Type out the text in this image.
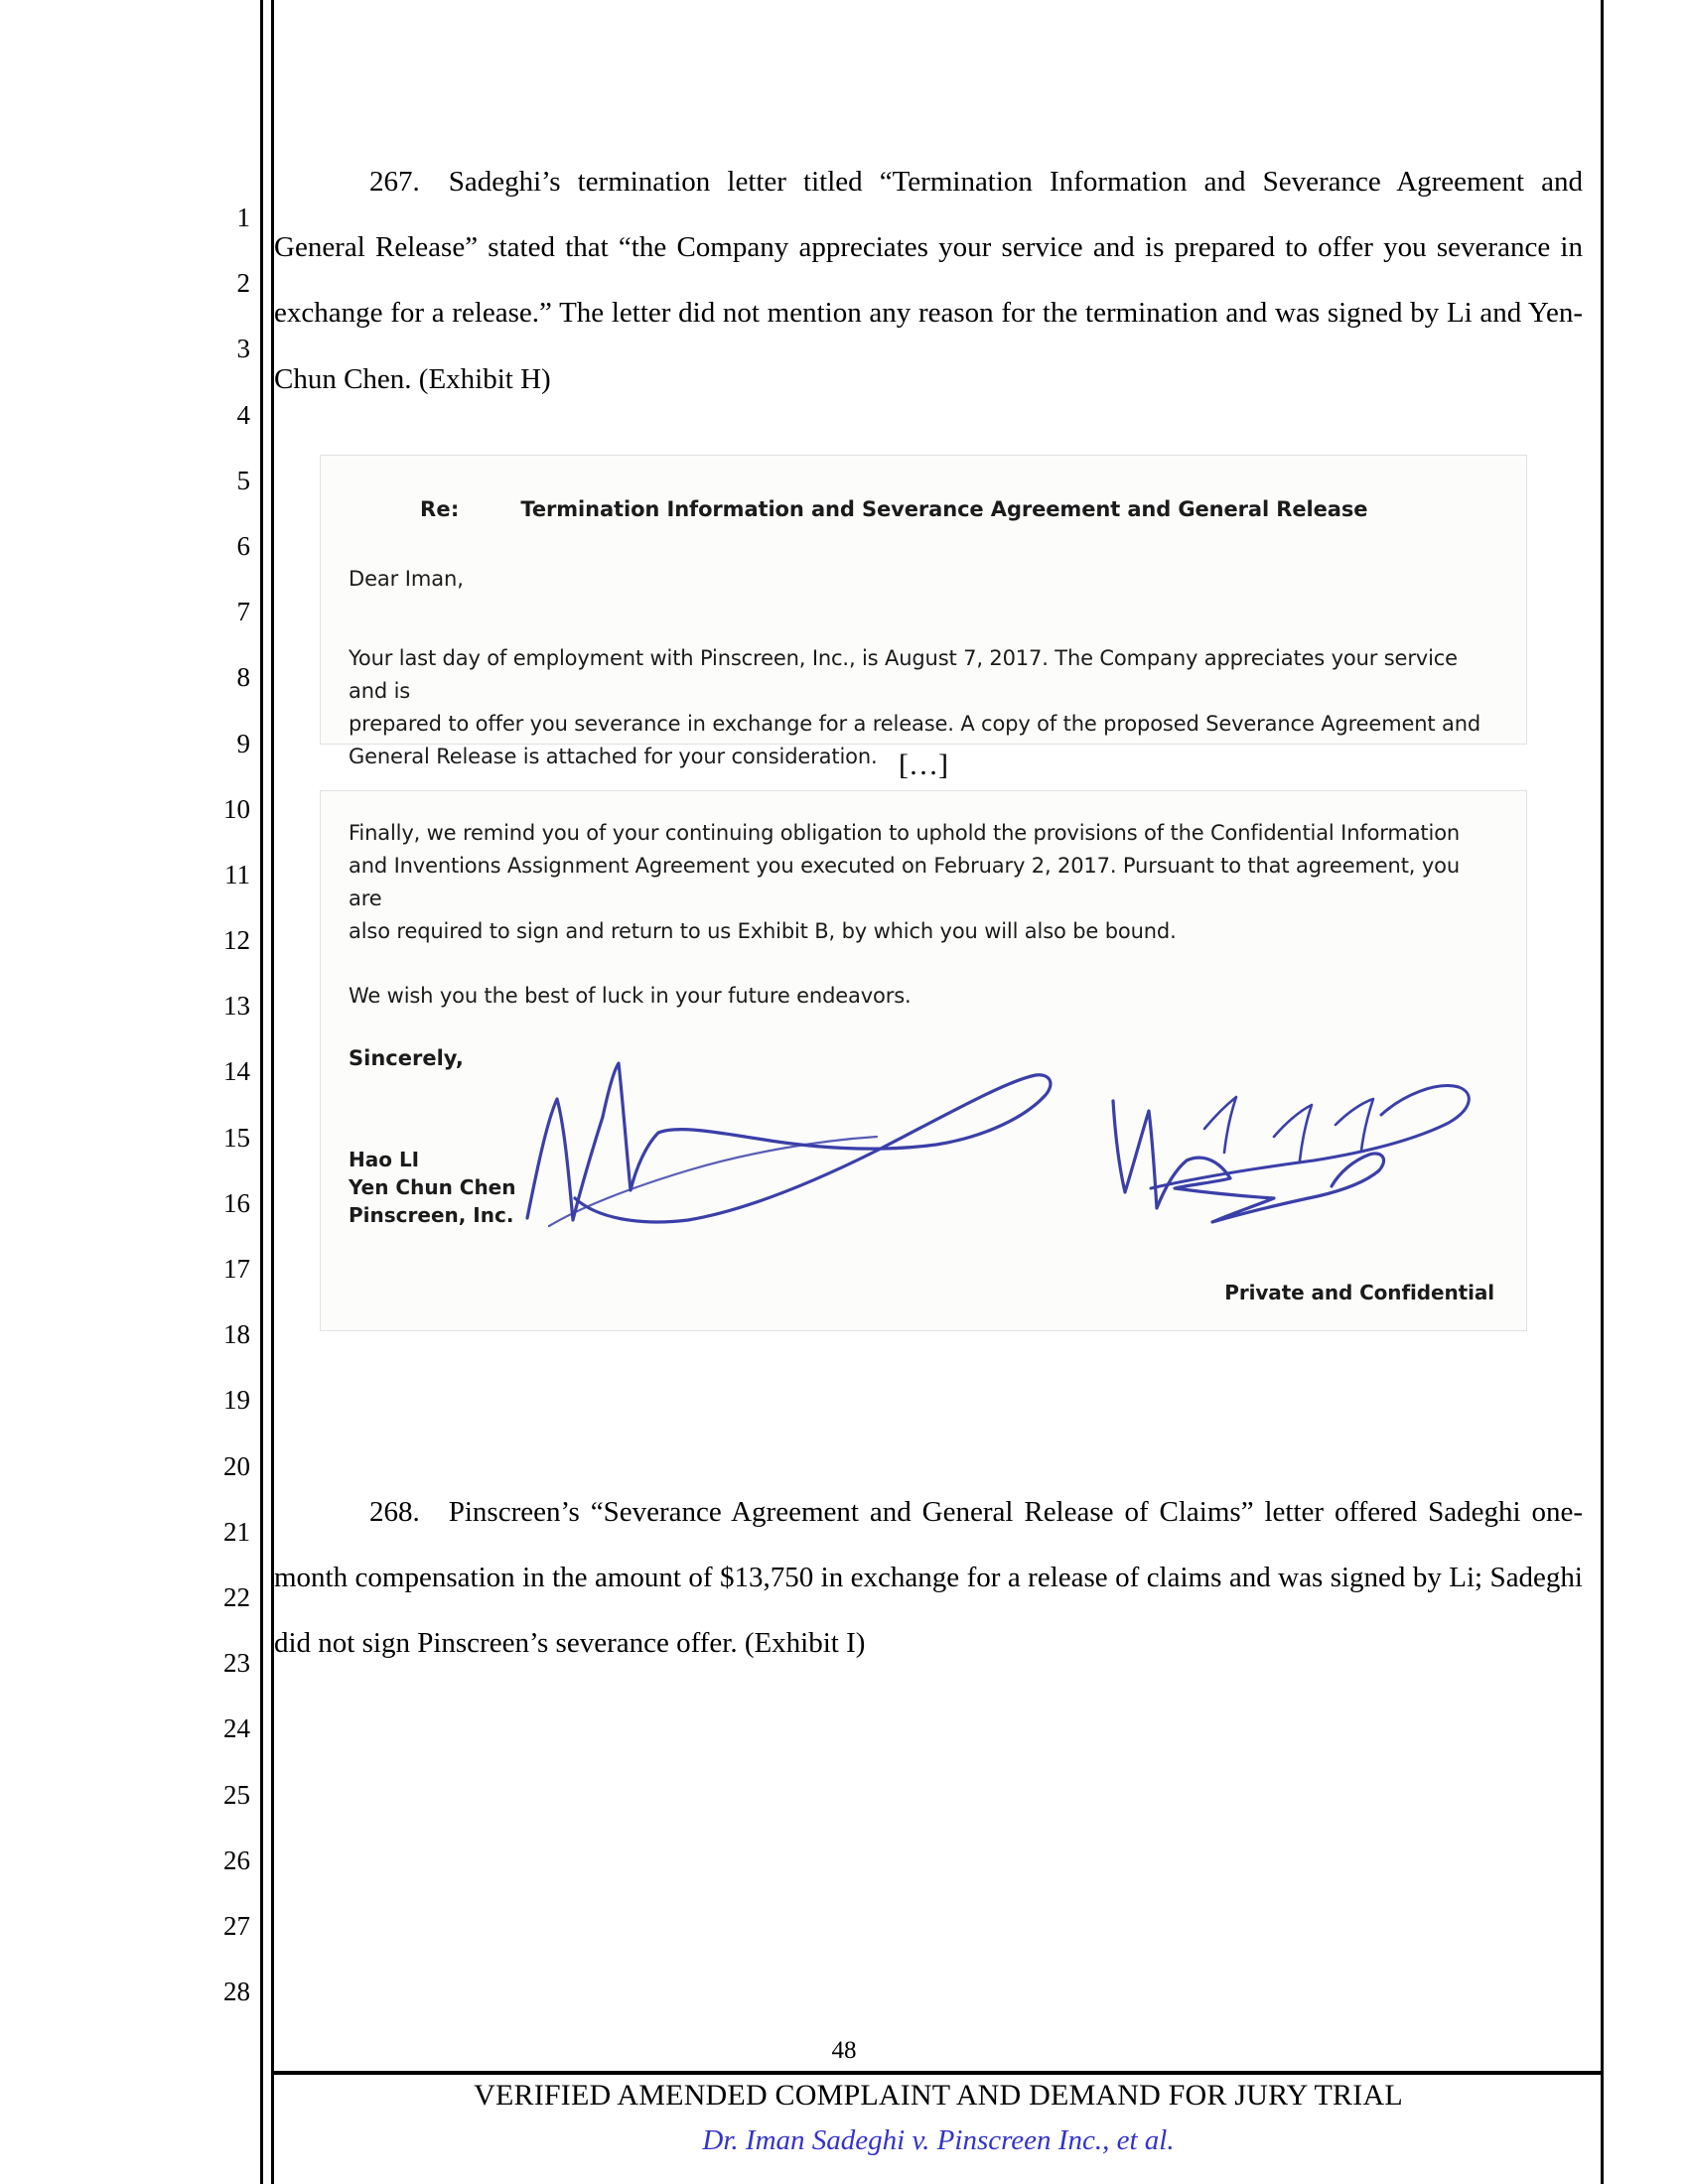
1
2
3
4
5
6
7
8
9
10
11
12
13
14
15
16
17
18
19
20
21
22
23
24
25
26
27
28

267. Sadeghi’s termination letter titled “Termination Information and Severance Agreement and General Release” stated that “the Company appreciates your service and is prepared to offer you severance in exchange for a release.” The letter did not mention any reason for the termination and was signed by Li and Yen-Chun Chen. (Exhibit H)

Re:	Termination Information and Severance Agreement and General Release
Dear Iman,

Your last day of employment with Pinscreen, Inc., is August 7, 2017. The Company appreciates your service and is

prepared to offer you severance in exchange for a release. A copy of the proposed Severance Agreement and

General Release is attached for your consideration. […]

Finally, we remind you of your continuing obligation to uphold the provisions of the Confidential Information

and Inventions Assignment Agreement you executed on February 2, 2017. Pursuant to that agreement, you are

also required to sign and return to us Exhibit B, by which you will also be bound.

We wish you the best of luck in your future endeavors.

Sincerely,
Hao LI
Yen Chun Chen
Pinscreen, Inc.
Private and Confidential

268. Pinscreen’s “Severance Agreement and General Release of Claims” letter offered Sadeghi one-month compensation in the amount of $13,750 in exchange for a release of claims and was signed by Li; Sadeghi did not sign Pinscreen’s severance offer. (Exhibit I)

48
VERIFIED AMENDED COMPLAINT AND DEMAND FOR JURY TRIAL
Dr. Iman Sadeghi v. Pinscreen Inc., et al.
